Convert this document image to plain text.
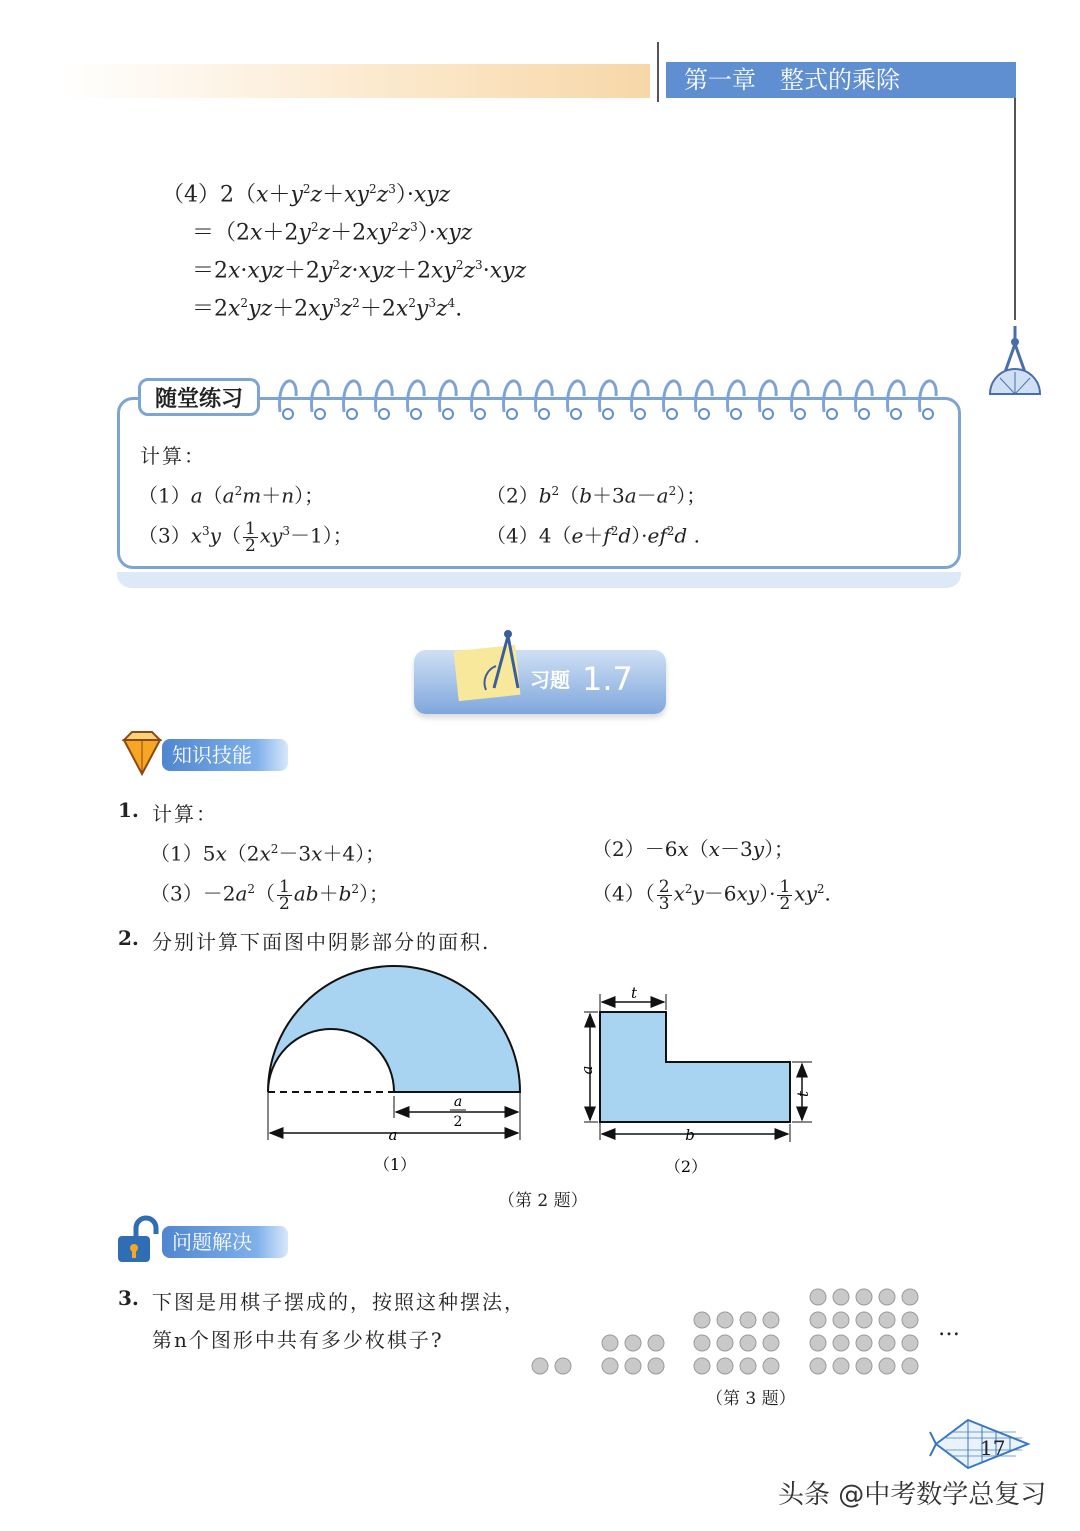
第一章　整式的乘除
$(4)2(x+y^2z+xy^2z^3)\cdot xyz$
$=(2x+2y^2z+2xy^2z^3)\cdot xyz$
$=2x\cdot xyz+2y^2z\cdot xyz+2xy^2z^3\cdot xyz$
$=2x^2yz+2xy^3z^2+2x^2y^3z^4$.
随堂练习
计算：
$(1)a(a^2m+n)$；	$(2)b^2(b+3a-a^2)$；
$(3)x^3y( \frac{1}{2} xy^3-1)$；	$(4)4(e+f^2d)\cdot ef^2d$ .
习题 1.7
知识技能
1. 计算：
$(1)5x(2x^2-3x+4)$；	（2）－6x（x－3y）；
$(3)-2a^2( \frac{1}{2} ab+b^2)$；	$(4)( \frac{2}{3} x^2y-6xy)\cdot \frac{1}{2} xy^2$.
2. 分别计算下面图中阴影部分的面积.
a
2
a
（1）
t
a
t
b
（2）
（第 2 题）
问题解决
3. 下图是用棋子摆成的，按照这种摆法，
第n个图形中共有多少枚棋子?	…
（第 3 题）
17
头条 @中考数学总复习
